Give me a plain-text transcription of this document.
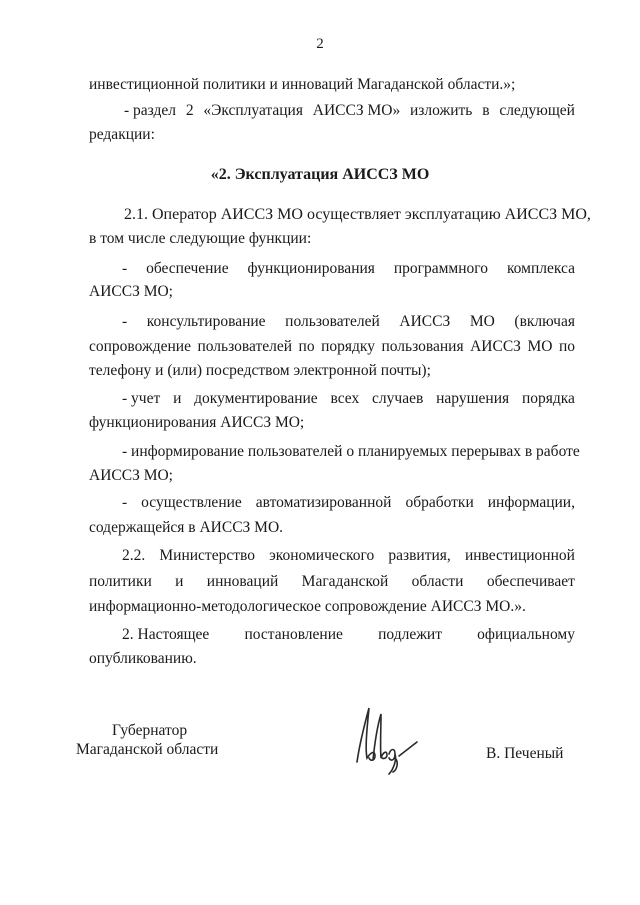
2
инвестиционной политики и инноваций Магаданской области.»;
- раздел 2 «Эксплуатация АИССЗ МО» изложить в следующей
редакции:
«2. Эксплуатация АИССЗ МО
2.1. Оператор АИССЗ МО осуществляет эксплуатацию АИССЗ МО,
в том числе следующие функции:
- обеспечение функционирования программного комплекса
АИССЗ МО;
- консультирование пользователей АИССЗ МО (включая
сопровождение пользователей по порядку пользования АИССЗ МО по
телефону и (или) посредством электронной почты);
- учет и документирование всех случаев нарушения порядка
функционирования АИССЗ МО;
- информирование пользователей о планируемых перерывах в работе
АИССЗ МО;
- осуществление автоматизированной обработки информации,
содержащейся в АИССЗ МО.
2.2. Министерство экономического развития, инвестиционной
политики и инноваций Магаданской области обеспечивает
информационно-методологическое сопровождение АИССЗ МО.».
2. Настоящее постановление подлежит официальному
опубликованию.
Губернатор
Магаданской области	В. Печеный
